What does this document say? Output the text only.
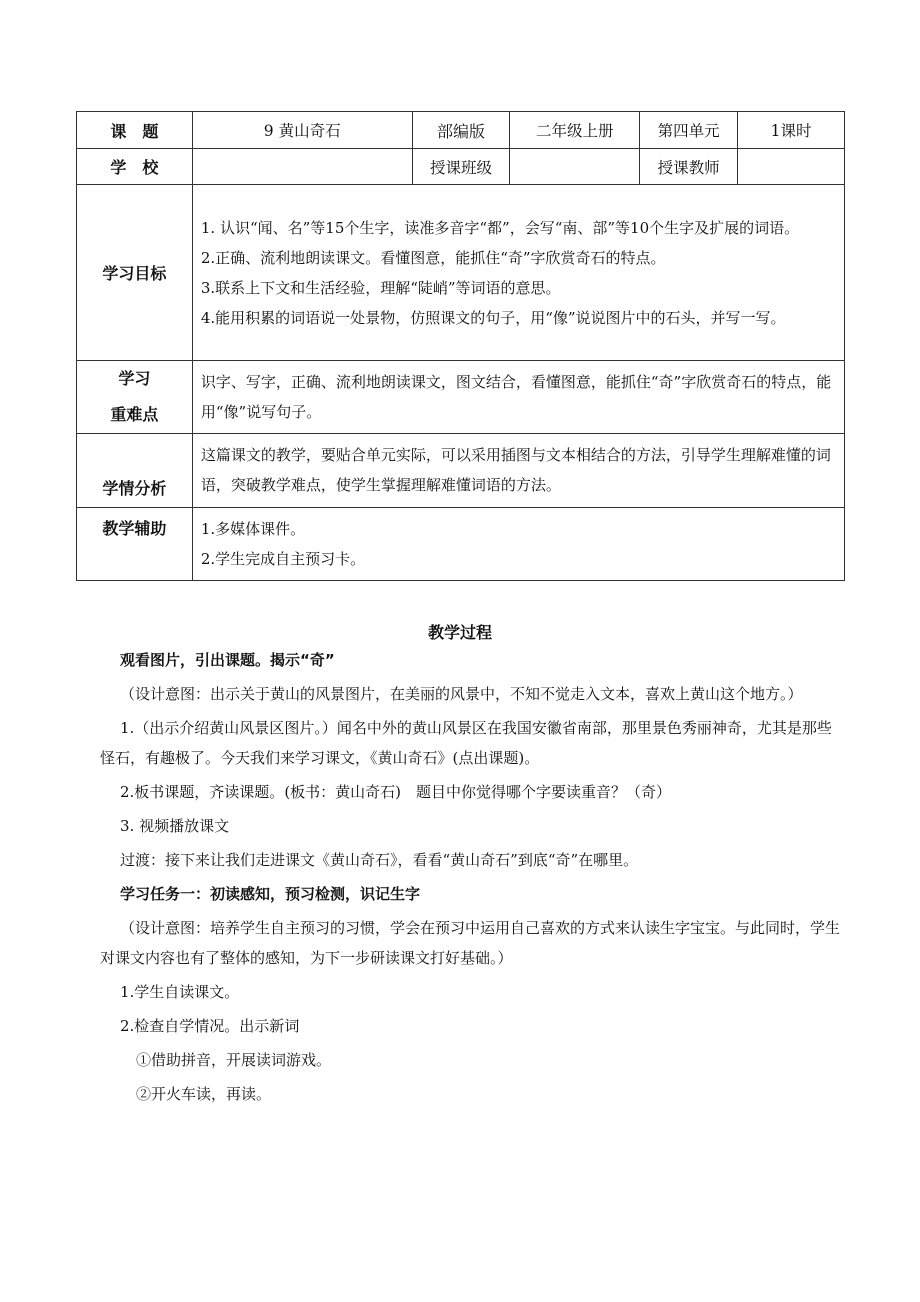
课　题	9 黄山奇石	部编版	二年级上册	第四单元	1课时
学　校		授课班级		授课教师	
学习目标	1. 认识“闻、名”等15个生字，读准多音字“都”，会写“南、部”等10个生字及扩展的词语。

2.正确、流利地朗读课文。看懂图意，能抓住“奇”字欣赏奇石的特点。

3.联系上下文和生活经验，理解“陡峭”等词语的意思。

4.能用积累的词语说一处景物，仿照课文的句子，用“像”说说图片中的石头，并写一写。				

学习
重难点	识字、写字，正确、流利地朗读课文，图文结合，看懂图意，能抓住“奇”字欣赏奇石的特点，能用“像”说写句子。				

学情分析	这篇课文的教学，要贴合单元实际，可以采用插图与文本相结合的方法，引导学生理解难懂的词语，突破教学难点，使学生掌握理解难懂词语的方法。				

教学辅助	1.多媒体课件。

2.学生完成自主预习卡。				

教学过程

观看图片，引出课题。揭示“奇”

（设计意图：出示关于黄山的风景图片，在美丽的风景中，不知不觉走入文本，喜欢上黄山这个地方。）

1.（出示介绍黄山风景区图片。）闻名中外的黄山风景区在我国安徽省南部，那里景色秀丽神奇，尤其是那些怪石，有趣极了。今天我们来学习课文，《黄山奇石》(点出课题)。

2.板书课题，齐读课题。(板书：黄山奇石)　题目中你觉得哪个字要读重音？（奇）

3. 视频播放课文

过渡：接下来让我们走进课文《黄山奇石》，看看“黄山奇石”到底“奇”在哪里。

学习任务一：初读感知，预习检测，识记生字

（设计意图：培养学生自主预习的习惯，学会在预习中运用自己喜欢的方式来认读生字宝宝。与此同时，学生对课文内容也有了整体的感知，为下一步研读课文打好基础。）

1.学生自读课文。

2.检查自学情况。出示新词

①借助拼音，开展读词游戏。

②开火车读，再读。
